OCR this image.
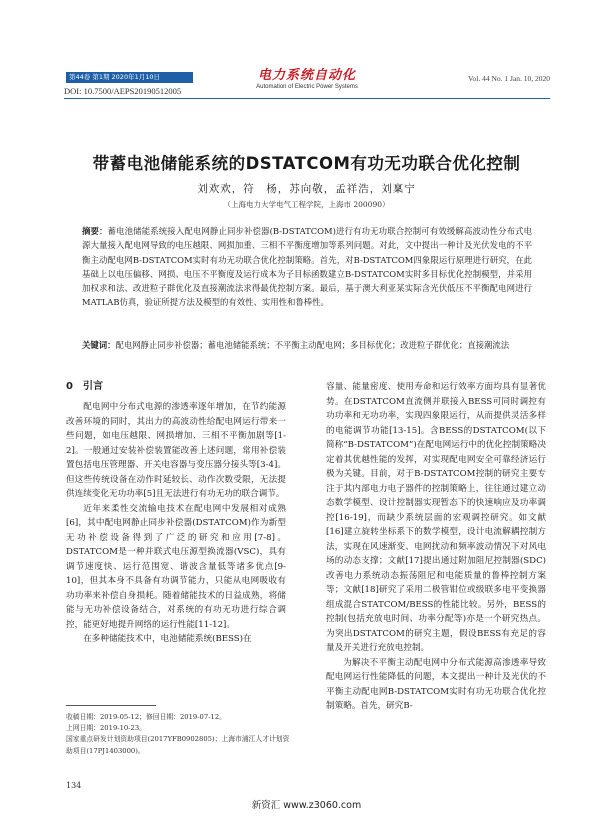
第44卷 第1期 2020年1月10日
DOI: 10.7500/AEPS20190512005
电力系统自动化
Automation of Electric Power Systems
Vol. 44 No. 1 Jan. 10, 2020
带蓄电池储能系统的DSTATCOM有功无功联合优化控制
刘欢欢，符　杨，苏向敬，孟祥浩，刘稟宁
（上海电力大学电气工程学院，上海市 200090）
摘要：蓄电池储能系统接入配电网静止同步补偿器(B-DSTATCOM)进行有功无功联合控制可有效缓解高波动性分布式电源大量接入配电网导致的电压越限、网损加重、三相不平衡度增加等系列问题。对此，文中提出一种计及光伏发电的不平衡主动配电网B-DSTATCOM实时有功无功联合优化控制策略。首先，对B-DSTATCOM四象限运行原理进行研究，在此基础上以电压偏移、网损、电压不平衡度及运行成本为子目标函数建立B-DSTATCOM实时多目标优化控制模型，并采用加权求和法、改进粒子群优化及直接潮流法求得最优控制方案。最后，基于澳大利亚某实际含光伏低压不平衡配电网进行MATLAB仿真，验证所提方法及模型的有效性、实用性和鲁棒性。
关键词：配电网静止同步补偿器；蓄电池储能系统；不平衡主动配电网；多目标优化；改进粒子群优化；直接潮流法
0　引言

配电网中分布式电源的渗透率逐年增加，在节约能源改善环境的同时，其出力的高波动性给配电网运行带来一些问题，如电压越限、网损增加、三相不平衡加剧等[1-2]。一般通过安装补偿装置能改善上述问题，常用补偿装置包括电压管理器、开关电容器与变压器分接头等[3-4]。但这些传统设备在动作时延较长、动作次数受限，无法提供连续变化无功功率[5]且无法进行有功无功的联合调节。

近年来柔性交流输电技术在配电网中发展相对成熟[6]，其中配电网静止同步补偿器(DSTATCOM)作为新型无功补偿设备得到了广泛的研究和应用[7-8]。DSTATCOM是一种并联式电压源型换流器(VSC)，具有调节速度快、运行范围宽、谐波含量低等诸多优点[9-10]，但其本身不具备有功调节能力，只能从电网吸收有功功率来补偿自身损耗。随着储能技术的日益成熟，将储能与无功补偿设备结合，对系统的有功无功进行综合调控，能更好地提升网络的运行性能[11-12]。

在多种储能技术中，电池储能系统(BESS)在

容量、能量密度、使用寿命和运行效率方面均具有显著优势。在DSTATCOM直流侧并联接入BESS可同时调控有功功率和无功功率，实现四象限运行，从而提供灵活多样的电能调节功能[13-15]。含BESS的DSTATCOM(以下简称“B-DSTATCOM”)在配电网运行中的优化控制策略决定着其优越性能的发挥，对实现配电网安全可靠经济运行极为关键。目前，对于B-DSTATCOM控制的研究主要专注于其内部电力电子器件的控制策略上，往往通过建立动态数学模型、设计控制器实现暂态下的快速响应及功率调控[16-19]，而缺少系统层面的宏观调控研究。如文献[16]建立旋转坐标系下的数学模型，设计电流解耦控制方法，实现在风速渐变、电网扰动和频率波动情况下对风电场的动态支撑；文献[17]提出通过附加阻尼控制器(SDC)改善电力系统动态振荡阻尼和电能质量的鲁棒控制方案等；文献[18]研究了采用二极管钳位或级联多电平变换器组成混合STATCOM/BESS的性能比较。另外，BESS的控制(包括充放电时间、功率分配等)亦是一个研究热点。为突出DSTATCOM的研究主题，假设BESS有充足的容量及开关进行充放电控制。

为解决不平衡主动配电网中分布式能源高渗透率导致配电网运行性能降低的问题，本文提出一种计及光伏的不平衡主动配电网B-DSTATCOM实时有功无功联合优化控制策略。首先，研究B-

收稿日期：2019-05-12；修回日期：2019-07-12。
上网日期：2019-10-23。
国家重点研发计划资助项目(2017YFB0902805)；上海市浦江人才计划资助项目(17PJ1403000)。
134
新资汇 www.z3060.com
